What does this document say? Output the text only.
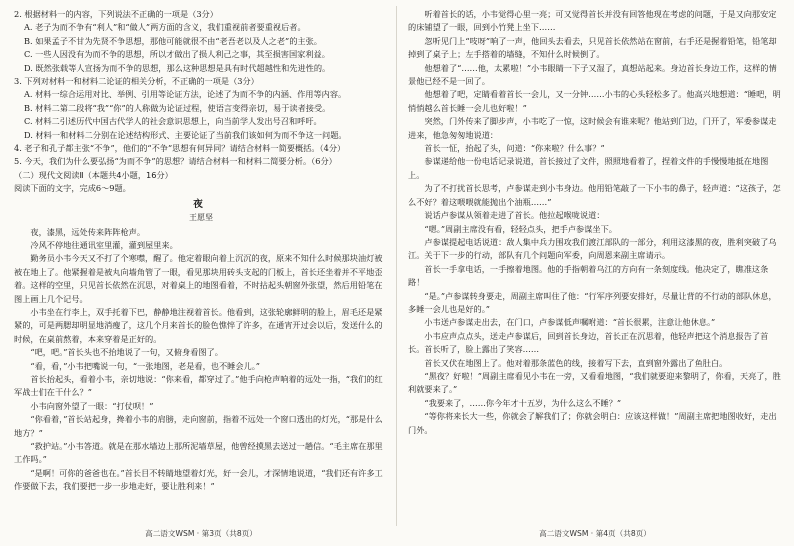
2. 根据材料一的内容，下列说法不正确的一项是（3分）

A. 老子为而不争有“利人”和“做人”两方面的含义，我们重视前者要重视后者。

B. 如果孟子不甘为先贤不争思想，那他可能就很不由“老吾老以及人之老”的主张。

C. 一些人因没有为而不争的思想，所以才做出了损人利己之事，其至损害国家利益。

D. 既然张载等人宣扬为而不争的思想，那么这种思想是具有时代超越性和先进性的。

3. 下列对材料一和材料二论证的相关分析，不正确的一项是（3分）

A. 材料一综合运用对比、举例、引用等论证方法，论述了为而不争的内涵、作用等内容。

B. 材料二第二段将“我”“你”的人称做为论证过程，使语言变得亲切，易于读者接受。

C. 材料二引述历代中国古代学人的社会意识思想上，向当前学人发出号召和呼吁。

D. 材料一和材料二分别在论述结构形式、主要论证了当前我们该如何为而不争这一问题。

4. 老子和孔子都主张“不争”，他们的“不争”思想有何异同？请结合材料一简要概括。（4分）

5. 今天，我们为什么要弘扬“为而不争”的思想？请结合材料一和材料二简要分析。（6分）

（二）现代文阅读Ⅱ（本题共4小题，16分）

阅读下面的文字，完成6～9题。

夜

王愿坚

夜，漆黑，远处传来阵阵枪声。

冷风不停地往通讯室里灌，灌到屋里来。

勤务员小韦今天又不打了个寒噤，醒了。他定着眼向着上沉沉的夜，原来不知什么时候那块油灯被被在地上了。他紧握着是被丸向墙角管了一眼，看见那块用砖头支起的门板上，首长还坐着并不平地歪着。这样的空里，只见首长依然在沉思，对着桌上的地图看着，不时拈起头朝窗外张望，然后用铅笔在图上画上几个记号。

小韦坐在行李上，双手托着下巴，静静地注视着首长。他看到，这张轮廓鲜明的脸上，眉毛还是紧紧的，可是两腮却明显地消瘦了，这几个月来首长的脸色憔悴了许多，在通宵开过会以后，发送什么的时候，在桌前熬着，本来穿着是正好的。

“吧，吧。”首长头也不抬地说了一句，又俯身看图了。

“看，看，”小韦把嘴说一句，“一张地图，老是看，也不睡会儿。”

首长抬起头，看着小韦，亲切地说：“你来看，都穿过了。”他手向枪声响着的远处一指，“我们的红军战士们在干什么？”

小韦向窗外望了一眼：“打仗呗！”

“你看着，”首长站起身，搀着小韦的肩膀，走向窗前，指着不远处一个窗口透出的灯光，“那是什么地方？”

“救护站。”小韦答道。就是在那水墙边上那所泥墙草屋，他曾经摸黑去送过一趟信。“毛主席在那里工作吗。”

“是啊！可你的爸爸也在。”首长目不转睛地望着灯光，好一会儿，才深情地说道，“我们还有许多工作要做下去，我们要把一步一步地走好，要让胜利来！”

听着首长的话，小韦觉得心里一亮；可又觉得首长并没有回答他现在考虑的问题，于是又向那安定的床铺望了一眼，回到小竹凳上坐下……

忽听见门上“吱呀”响了一声，他回头去看去，只见首长依然站在窗前，右手还是握着铅笔，铅笔却掉到了桌子上；左手搭着的墙缝，不知什么时候倒了。

他想着了“……他，太累啦！”小韦眼睛一下子又湿了，真想站起来。身边首长身边工作，这样的情景他已经不是一回了。

他想着了吧，定睛看着首长一会儿，又一分钟……小韦的心头轻松多了。他高兴地想道：“睡吧，明悄悄越么首长睡一会儿也好啦！”

突然，门外传来了脚步声，小韦吃了一惊，这时候会有谁来呢？他站到门边，门开了，军委参谋走进来，他急匆匆地说道：

首长一怔，抬起了头，问道：“你来啦？什么事？”

参谋递给他一份电话记录说道，首长接过了文件，照照地看着了，捏着文件的手慢慢地抵在地图上。

为了不打扰首长思考，卢参谋走到小韦身边。他用铅笔敲了一下小韦的鼻子，轻声道：“这孩子，怎么不好？着这喂喂就能抛出个油瓶……”

说话卢参谋从领着走进了首长。他拉起喉咙说道：

“嗯。”周副主席没有看，轻轻点头，把手卢参谋坐下。

卢参谋提起电话说道：敌人集中兵力围攻我们渡江部队的一部分，利用这漆黑的夜，胜利突破了乌江。关于下一步的行动，部队有几个问题向军委，向周恩来副主席请示。

首长一手拿电话，一手擦着地图。他的手指朝着乌江的方向有一条刻度线。他决定了，瞧准这条路！

“是。”卢参谋转身要走，周副主席叫住了他：“行军序列要安排好，尽量让背的不行动的部队休息，多睡一会儿也是好的。”

小韦送卢参谋走出去，在门口，卢参谋低声嘱咐道：“首长很累，注意让他休息。”

小韦应声点点头，送走卢参谋后，回到首长身边，首长正在沉思着，他轻声把这个消息报告了首长。首长听了，脸上露出了笑容……

首长又伏在地图上了。他对着那条蓝色的线，接着写下去，直到窗外露出了鱼肚白。

“黑夜？好啦！”周副主席看见小韦在一旁，又看看地图，“我们就要迎来黎明了，你看，天亮了，胜利就要来了。”

“我要来了，……你今年才十五岁，为什么这么不睡？”

“等你将来长大一些，你就会了解我们了；你就会明白：应该这样做！”周副主席把地图收好，走出门外。

高二语文WSM · 第3页（共8页）	高二语文WSM · 第4页（共8页）
